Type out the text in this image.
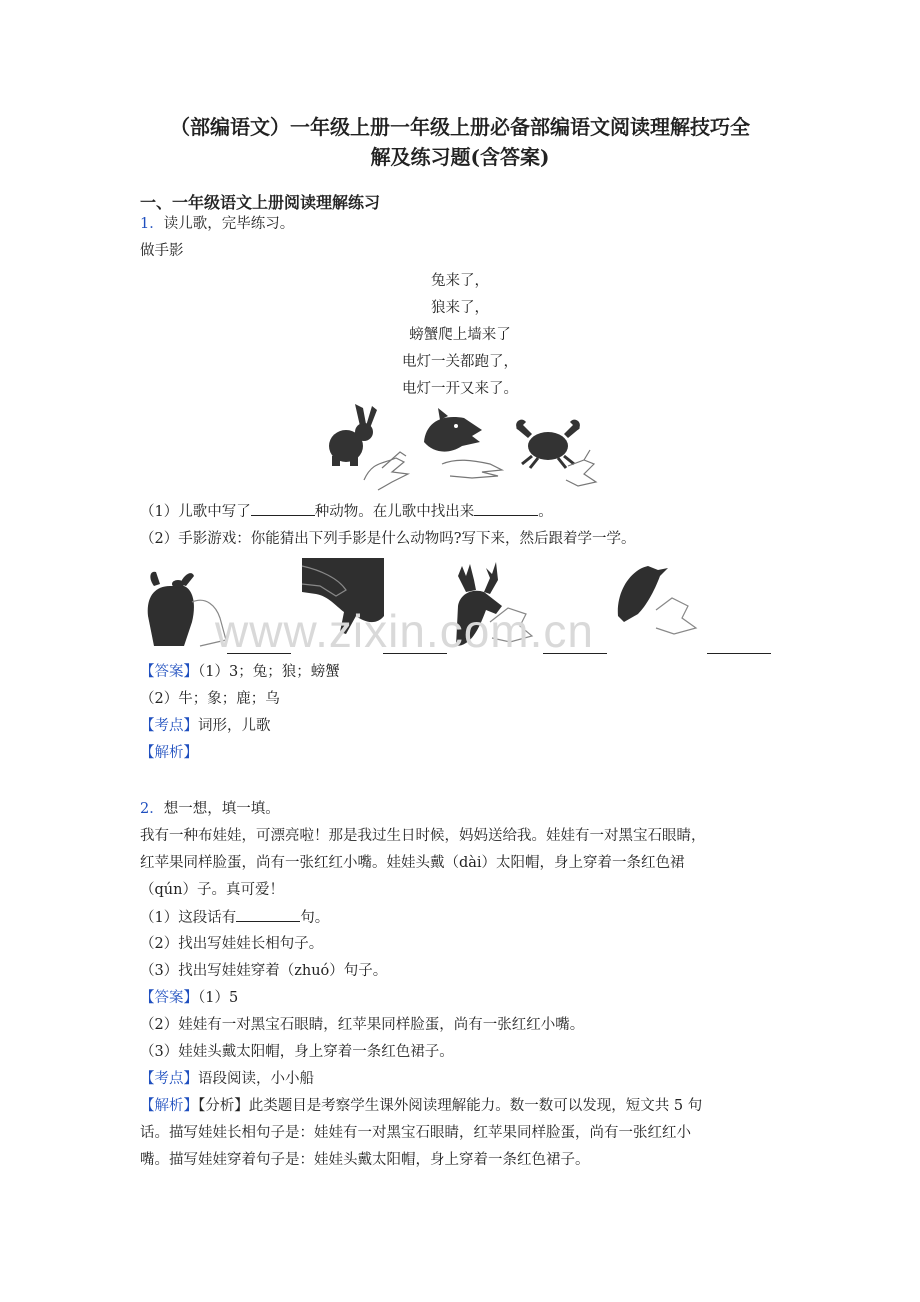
（部编语文）一年级上册一年级上册必备部编语文阅读理解技巧全
解及练习题(含答案)
一、一年级语文上册阅读理解练习
1．读儿歌，完毕练习。
做手影
兔来了，
狼来了，
螃蟹爬上墙来了
电灯一关都跑了，
电灯一开又来了。
（1）儿歌中写了	种动物。在儿歌中找出来	。
（2）手影游戏：你能猜出下列手影是什么动物吗?写下来，然后跟着学一学。
www.zixin.com.cn
【答案】（1）3；兔；狼；螃蟹
（2）牛；象；鹿；乌
【考点】词形，儿歌
【解析】
2．想一想，填一填。
我有一种布娃娃，可漂亮啦！那是我过生日时候，妈妈送给我。娃娃有一对黑宝石眼睛，
红苹果同样脸蛋，尚有一张红红小嘴。娃娃头戴（dài）太阳帽，身上穿着一条红色裙
（qún）子。真可爱！
（1）这段话有	句。
（2）找出写娃娃长相句子。
（3）找出写娃娃穿着（zhuó）句子。
【答案】（1）5
（2）娃娃有一对黑宝石眼睛，红苹果同样脸蛋，尚有一张红红小嘴。
（3）娃娃头戴太阳帽，身上穿着一条红色裙子。
【考点】语段阅读，小小船
【解析】【分析】此类题目是考察学生课外阅读理解能力。数一数可以发现，短文共 5 句
话。描写娃娃长相句子是：娃娃有一对黑宝石眼睛，红苹果同样脸蛋，尚有一张红红小
嘴。描写娃娃穿着句子是：娃娃头戴太阳帽，身上穿着一条红色裙子。
